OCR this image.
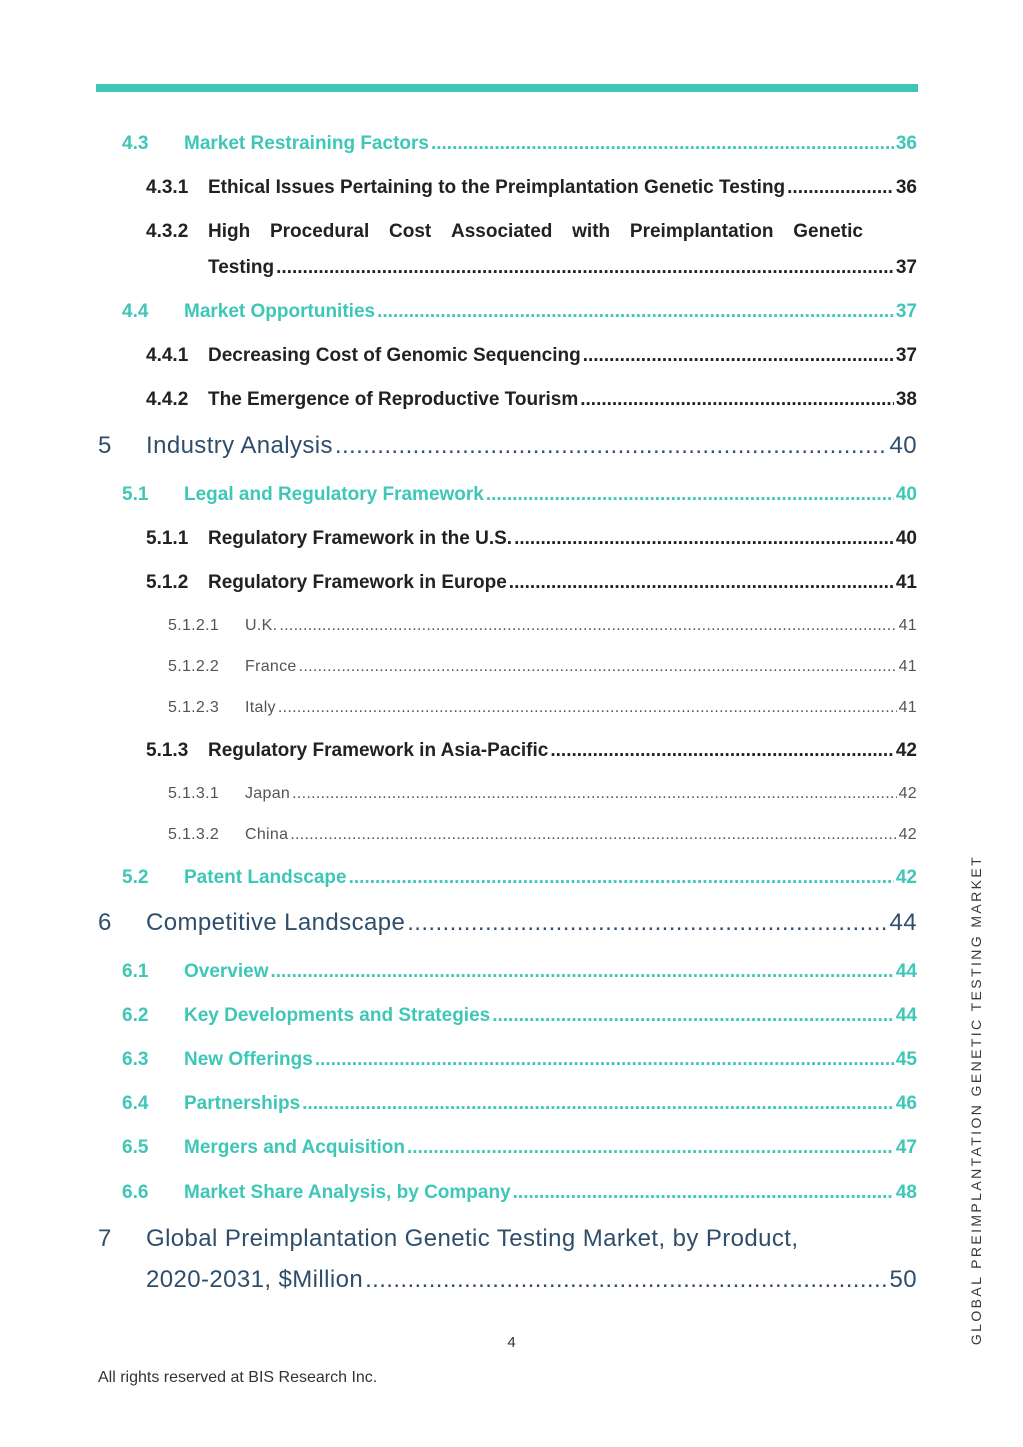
4.3	Market Restraining Factors .....	36
4.3.1	Ethical Issues Pertaining to the Preimplantation Genetic Testing .....	36
4.3.2	High Procedural Cost Associated with Preimplantation Genetic
Testing .....	37
4.4	Market Opportunities .....	37
4.4.1	Decreasing Cost of Genomic Sequencing .....	37
4.4.2	The Emergence of Reproductive Tourism .....	38
5	Industry Analysis .....	40
5.1	Legal and Regulatory Framework .....	40
5.1.1	Regulatory Framework in the U.S. .....	40
5.1.2	Regulatory Framework in Europe .....	41
5.1.2.1	U.K. .....	41
5.1.2.2	France .....	41
5.1.2.3	Italy .....	41
5.1.3	Regulatory Framework in Asia-Pacific .....	42
5.1.3.1	Japan .....	42
5.1.3.2	China .....	42
5.2	Patent Landscape .....	42
6	Competitive Landscape .....	44
6.1	Overview .....	44
6.2	Key Developments and Strategies .....	44
6.3	New Offerings .....	45
6.4	Partnerships .....	46
6.5	Mergers and Acquisition .....	47
6.6	Market Share Analysis, by Company .....	48
7 Global Preimplantation Genetic Testing Market, by Product,
2020-2031, $Million .....	50
4
All rights reserved at BIS Research Inc.
GLOBAL PREIMPLANTATION GENETIC TESTING MARKET
